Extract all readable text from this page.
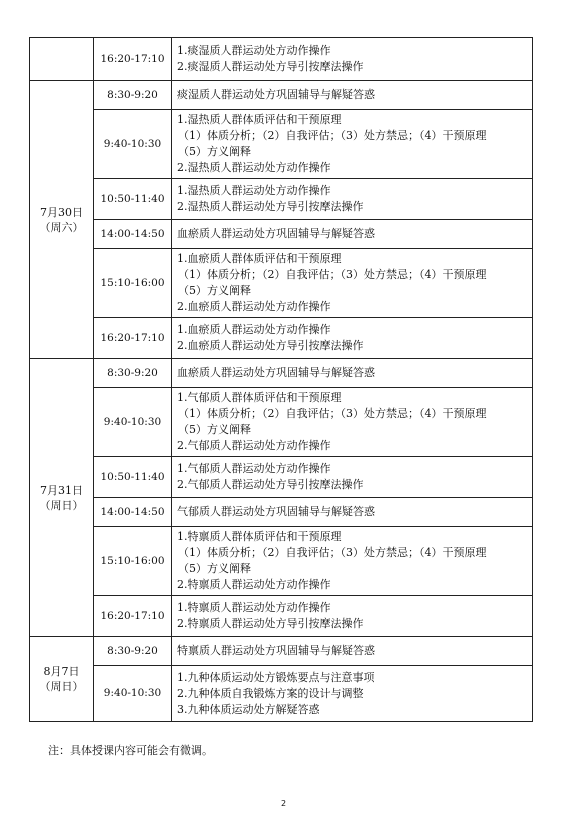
	16:20-17:10	1.痰湿质人群运动处方动作操作
2.痰湿质人群运动处方导引按摩法操作

7月30日
（周六）	8:30-9:20	痰湿质人群运动处方巩固辅导与解疑答惑

	9:40-10:30	1.湿热质人群体质评估和干预原理
（1）体质分析；（2）自我评估；（3）处方禁忌；（4）干预原理
（5）方义阐释
2.湿热质人群运动处方动作操作

	10:50-11:40	1.湿热质人群运动处方动作操作
2.湿热质人群运动处方导引按摩法操作

	14:00-14:50	血瘀质人群运动处方巩固辅导与解疑答惑

	15:10-16:00	1.血瘀质人群体质评估和干预原理
（1）体质分析；（2）自我评估；（3）处方禁忌；（4）干预原理
（5）方义阐释
2.血瘀质人群运动处方动作操作

	16:20-17:10	1.血瘀质人群运动处方动作操作
2.血瘀质人群运动处方导引按摩法操作

7月31日
（周日）	8:30-9:20	血瘀质人群运动处方巩固辅导与解疑答惑

	9:40-10:30	1.气郁质人群体质评估和干预原理
（1）体质分析；（2）自我评估；（3）处方禁忌；（4）干预原理
（5）方义阐释
2.气郁质人群运动处方动作操作

	10:50-11:40	1.气郁质人群运动处方动作操作
2.气郁质人群运动处方导引按摩法操作

	14:00-14:50	气郁质人群运动处方巩固辅导与解疑答惑

	15:10-16:00	1.特禀质人群体质评估和干预原理
（1）体质分析；（2）自我评估；（3）处方禁忌；（4）干预原理
（5）方义阐释
2.特禀质人群运动处方动作操作

	16:20-17:10	1.特禀质人群运动处方动作操作
2.特禀质人群运动处方导引按摩法操作

8月7日
（周日）	8:30-9:20	特禀质人群运动处方巩固辅导与解疑答惑

	9:40-10:30	1.九种体质运动处方锻炼要点与注意事项
2.九种体质自我锻炼方案的设计与调整
3.九种体质运动处方解疑答惑
注：具体授课内容可能会有微调。
2
